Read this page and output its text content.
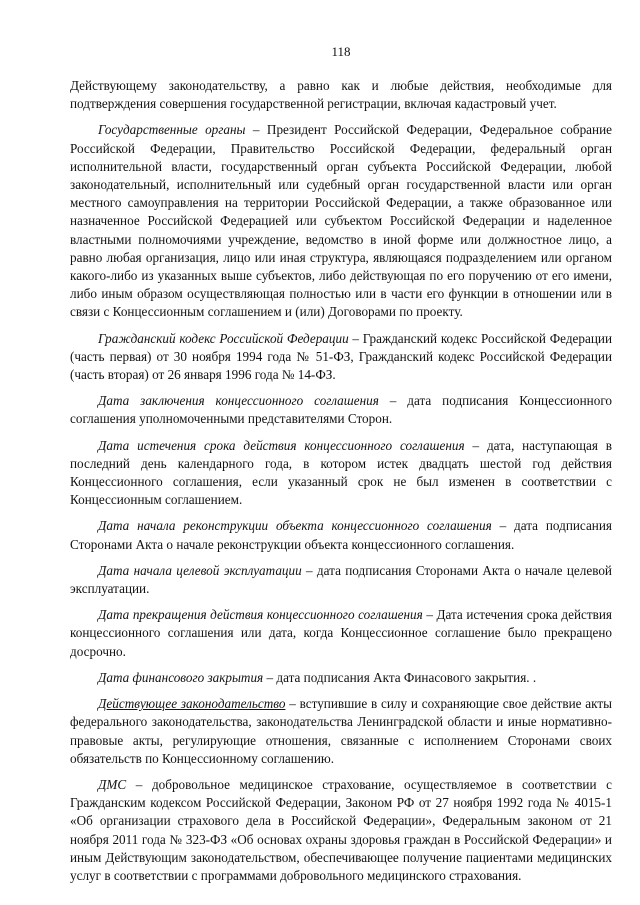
118

Действующему законодательству, а равно как и любые действия, необходимые для подтверждения совершения государственной регистрации, включая кадастровый учет.

Государственные органы – Президент Российской Федерации, Федеральное собрание Российской Федерации, Правительство Российской Федерации, федеральный орган исполнительной власти, государственный орган субъекта Российской Федерации, любой законодательный, исполнительный или судебный орган государственной власти или орган местного самоуправления на территории Российской Федерации, а также образованное или назначенное Российской Федерацией или субъектом Российской Федерации и наделенное властными полномочиями учреждение, ведомство в иной форме или должностное лицо, а равно любая организация, лицо или иная структура, являющаяся подразделением или органом какого-либо из указанных выше субъектов, либо действующая по его поручению от его имени, либо иным образом осуществляющая полностью или в части его функции в отношении или в связи с Концессионным соглашением и (или) Договорами по проекту.

Гражданский кодекс Российской Федерации – Гражданский кодекс Российской Федерации (часть первая) от 30 ноября 1994 года № 51-ФЗ, Гражданский кодекс Российской Федерации (часть вторая) от 26 января 1996 года № 14-ФЗ.

Дата заключения концессионного соглашения – дата подписания Концессионного соглашения уполномоченными представителями Сторон.

Дата истечения срока действия концессионного соглашения – дата, наступающая в последний день календарного года, в котором истек двадцать шестой год действия Концессионного соглашения, если указанный срок не был изменен в соответствии с Концессионным соглашением.

Дата начала реконструкции объекта концессионного соглашения – дата подписания Сторонами Акта о начале реконструкции объекта концессионного соглашения.

Дата начала целевой эксплуатации – дата подписания Сторонами Акта о начале целевой эксплуатации.

Дата прекращения действия концессионного соглашения – Дата истечения срока действия концессионного соглашения или дата, когда Концессионное соглашение было прекращено досрочно.

Дата финансового закрытия – дата подписания Акта Финасового закрытия. .

Действующее законодательство – вступившие в силу и сохраняющие свое действие акты федерального законодательства, законодательства Ленинградской области и иные нормативно-правовые акты, регулирующие отношения, связанные с исполнением Сторонами своих обязательств по Концессионному соглашению.

ДМС – добровольное медицинское страхование, осуществляемое в соответствии с Гражданским кодексом Российской Федерации, Законом РФ от 27 ноября 1992 года № 4015-1 «Об организации страхового дела в Российской Федерации», Федеральным законом от 21 ноября 2011 года № 323-ФЗ «Об основах охраны здоровья граждан в Российской Федерации» и иным Действующим законодательством, обеспечивающее получение пациентами медицинских услуг в соответствии с программами добровольного медицинского страхования.
